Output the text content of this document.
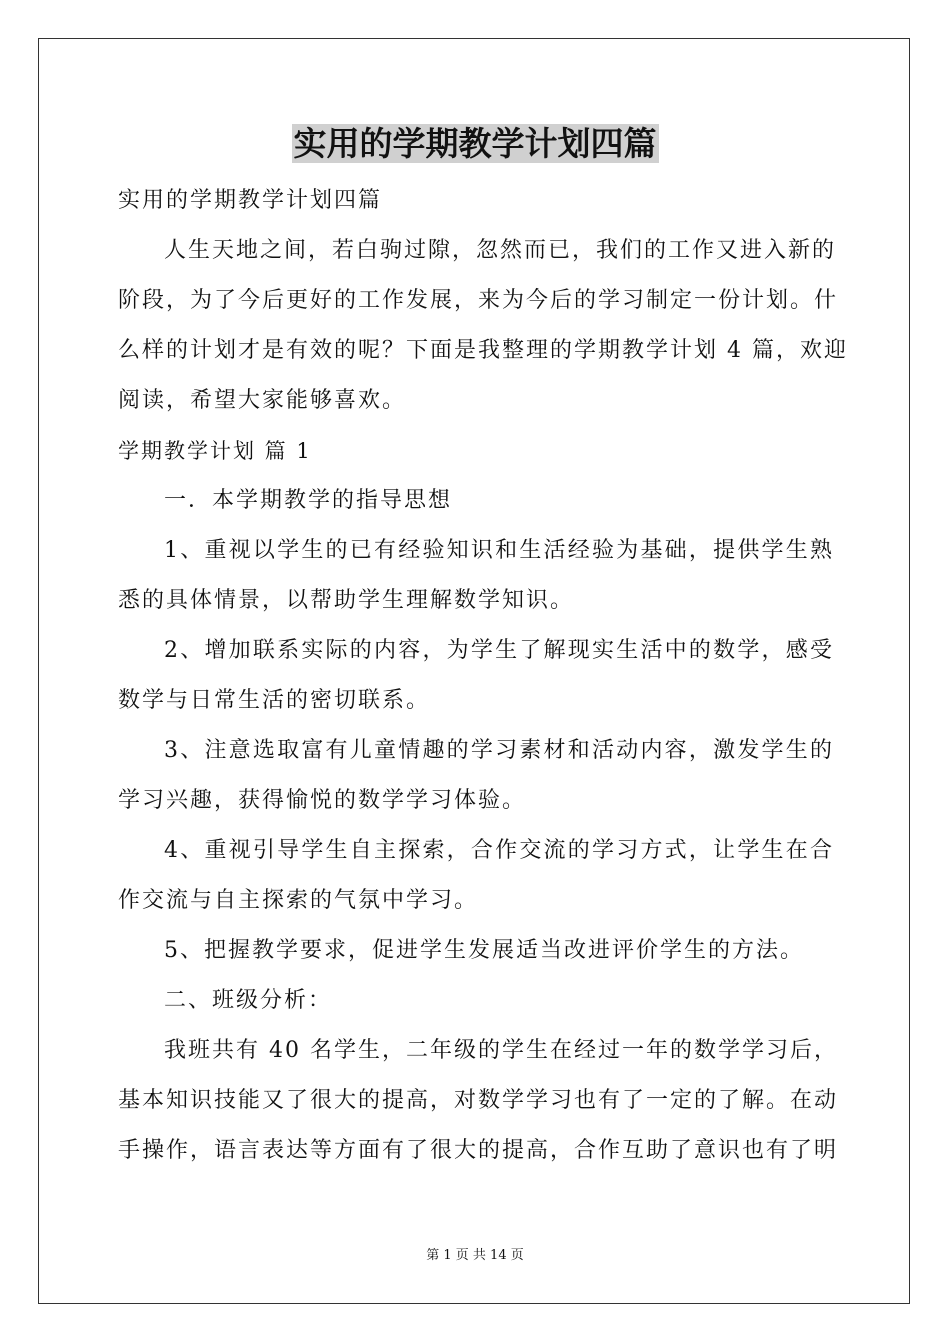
实用的学期教学计划四篇
实用的学期教学计划四篇
人生天地之间，若白驹过隙，忽然而已，我们的工作又进入新的
阶段，为了今后更好的工作发展，来为今后的学习制定一份计划。什
么样的计划才是有效的呢？下面是我整理的学期教学计划 4 篇，欢迎
阅读，希望大家能够喜欢。
学期教学计划 篇 1
一．本学期教学的指导思想
1、重视以学生的已有经验知识和生活经验为基础，提供学生熟
悉的具体情景，以帮助学生理解数学知识。
2、增加联系实际的内容，为学生了解现实生活中的数学，感受
数学与日常生活的密切联系。
3、注意选取富有儿童情趣的学习素材和活动内容，激发学生的
学习兴趣，获得愉悦的数学学习体验。
4、重视引导学生自主探索，合作交流的学习方式，让学生在合
作交流与自主探索的气氛中学习。
5、把握教学要求，促进学生发展适当改进评价学生的方法。
二、班级分析：
我班共有 40 名学生，二年级的学生在经过一年的数学学习后，
基本知识技能又了很大的提高，对数学学习也有了一定的了解。在动
手操作，语言表达等方面有了很大的提高，合作互助了意识也有了明
第 1 页 共 14 页
